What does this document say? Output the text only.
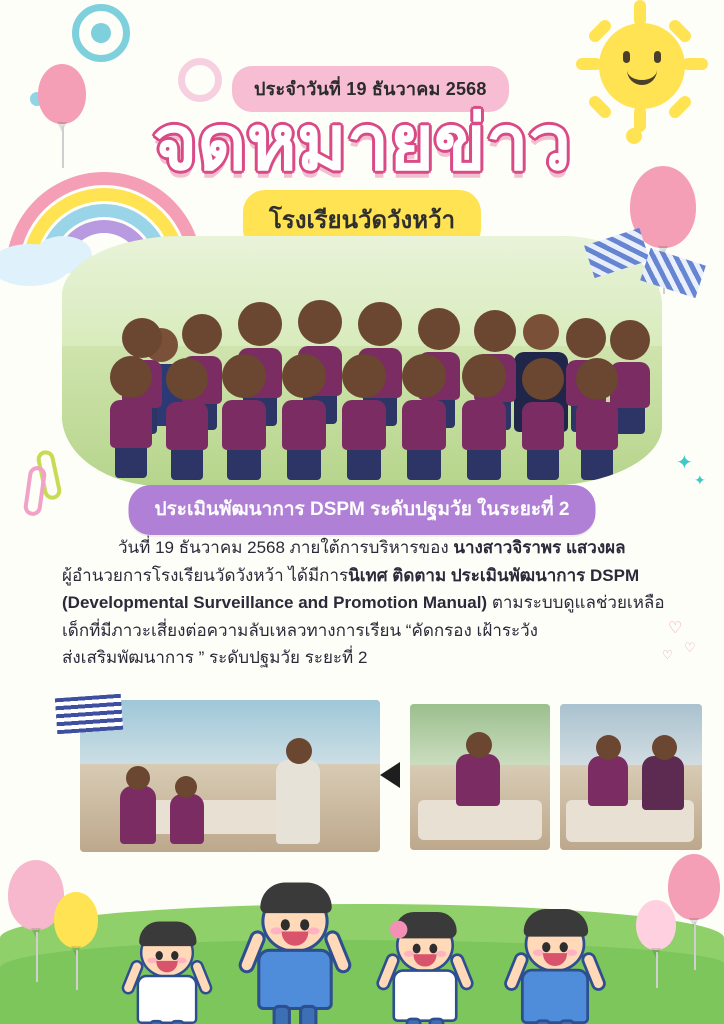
ประจำวันที่ 19 ธันวาคม 2568
จดหมายข่าว
โรงเรียนวัดวังหว้า
✦
✦
♡
♡
♡
ประเมินพัฒนาการ DSPM ระดับปฐมวัย ในระยะที่ 2

วันที่ 19 ธันวาคม 2568 ภายใต้การบริหารของ นางสาวจิราพร แสวงผล

ผู้อำนวยการโรงเรียนวัดวังหว้า ได้มีการนิเทศ ติดตาม ประเมินพัฒนาการ DSPM

(Developmental Surveillance and Promotion Manual) ตามระบบดูแลช่วยเหลือ

เด็กที่มีภาวะเสี่ยงต่อความลับเหลวทางการเรียน “คัดกรอง เฝ้าระวัง

ส่งเสริมพัฒนาการ ” ระดับปฐมวัย ระยะที่ 2
